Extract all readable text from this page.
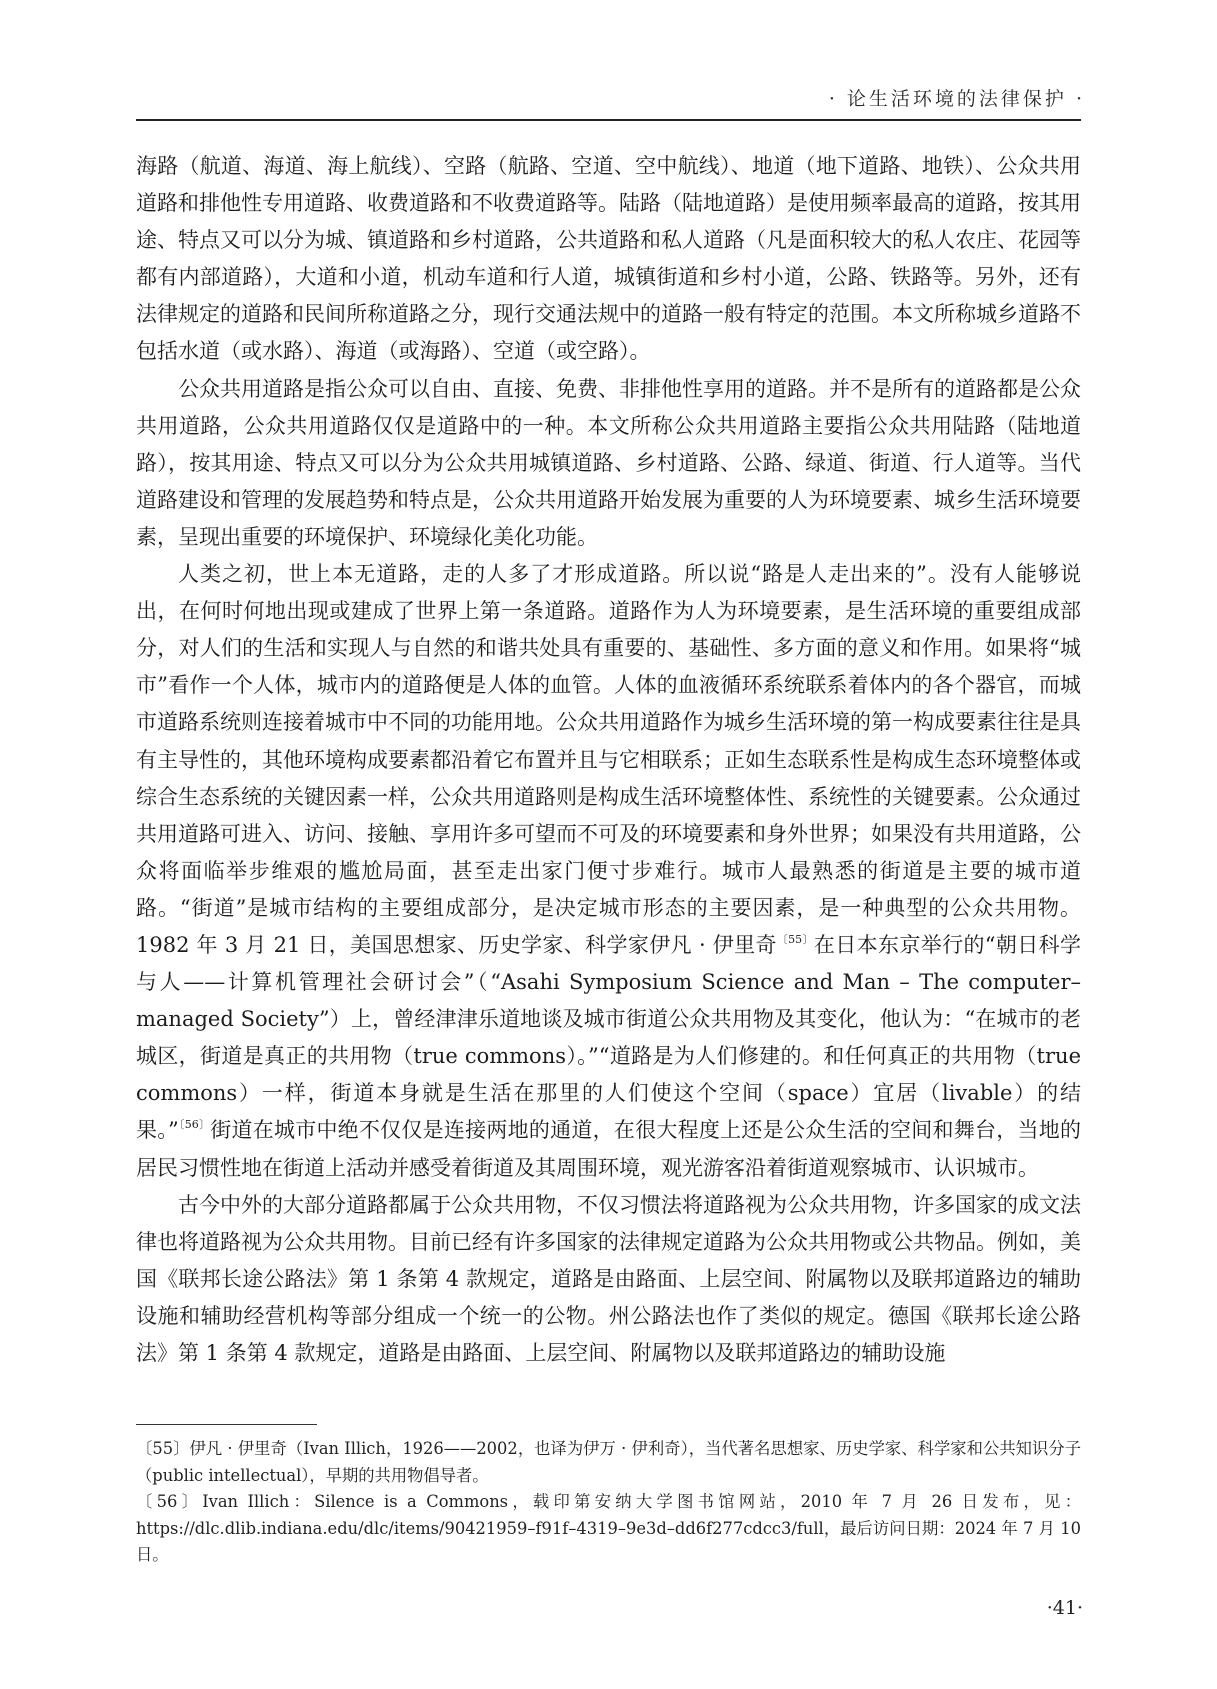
· 论生活环境的法律保护 ·

海路（航道、海道、海上航线）、空路（航路、空道、空中航线）、地道（地下道路、地铁）、公众共用道路和排他性专用道路、收费道路和不收费道路等。陆路（陆地道路）是使用频率最高的道路，按其用途、特点又可以分为城、镇道路和乡村道路，公共道路和私人道路（凡是面积较大的私人农庄、花园等都有内部道路），大道和小道，机动车道和行人道，城镇街道和乡村小道，公路、铁路等。另外，还有法律规定的道路和民间所称道路之分，现行交通法规中的道路一般有特定的范围。本文所称城乡道路不包括水道（或水路）、海道（或海路）、空道（或空路）。

公众共用道路是指公众可以自由、直接、免费、非排他性享用的道路。并不是所有的道路都是公众共用道路，公众共用道路仅仅是道路中的一种。本文所称公众共用道路主要指公众共用陆路（陆地道路），按其用途、特点又可以分为公众共用城镇道路、乡村道路、公路、绿道、街道、行人道等。当代道路建设和管理的发展趋势和特点是，公众共用道路开始发展为重要的人为环境要素、城乡生活环境要素，呈现出重要的环境保护、环境绿化美化功能。

人类之初，世上本无道路，走的人多了才形成道路。所以说“路是人走出来的”。没有人能够说出，在何时何地出现或建成了世界上第一条道路。道路作为人为环境要素，是生活环境的重要组成部分，对人们的生活和实现人与自然的和谐共处具有重要的、基础性、多方面的意义和作用。如果将“城市”看作一个人体，城市内的道路便是人体的血管。人体的血液循环系统联系着体内的各个器官，而城市道路系统则连接着城市中不同的功能用地。公众共用道路作为城乡生活环境的第一构成要素往往是具有主导性的，其他环境构成要素都沿着它布置并且与它相联系；正如生态联系性是构成生态环境整体或综合生态系统的关键因素一样，公众共用道路则是构成生活环境整体性、系统性的关键要素。公众通过共用道路可进入、访问、接触、享用许多可望而不可及的环境要素和身外世界；如果没有共用道路，公众将面临举步维艰的尴尬局面，甚至走出家门便寸步难行。城市人最熟悉的街道是主要的城市道路。“街道”是城市结构的主要组成部分，是决定城市形态的主要因素，是一种典型的公众共用物。1982 年 3 月 21 日，美国思想家、历史学家、科学家伊凡 · 伊里奇$^{〔55〕}$在日本东京举行的“朝日科学与人——计算机管理社会研讨会”（“Asahi Symposium Science and Man – The computer–managed Society”）上，曾经津津乐道地谈及城市街道公众共用物及其变化，他认为：“在城市的老城区，街道是真正的共用物（true commons）。”“道路是为人们修建的。和任何真正的共用物（true commons）一样，街道本身就是生活在那里的人们使这个空间（space）宜居（livable）的结果。”$^{〔56〕}$街道在城市中绝不仅仅是连接两地的通道，在很大程度上还是公众生活的空间和舞台，当地的居民习惯性地在街道上活动并感受着街道及其周围环境，观光游客沿着街道观察城市、认识城市。

古今中外的大部分道路都属于公众共用物，不仅习惯法将道路视为公众共用物，许多国家的成文法律也将道路视为公众共用物。目前已经有许多国家的法律规定道路为公众共用物或公共物品。例如，美国《联邦长途公路法》第 1 条第 4 款规定，道路是由路面、上层空间、附属物以及联邦道路边的辅助设施和辅助经营机构等部分组成一个统一的公物。州公路法也作了类似的规定。德国《联邦长途公路法》第 1 条第 4 款规定，道路是由路面、上层空间、附属物以及联邦道路边的辅助设施

〔55〕伊凡 · 伊里奇（Ivan Illich，1926——2002，也译为伊万 · 伊利奇），当代著名思想家、历史学家、科学家和公共知识分子（public intellectual），早期的共用物倡导者。

〔56〕Ivan Illich：Silence is a Commons，载印第安纳大学图书馆网站，2010 年 7 月 26 日发布，见：https://dlc.dlib.indiana.edu/dlc/items/90421959–f91f–4319–9e3d–dd6f277cdcc3/full，最后访问日期：2024 年 7 月 10 日。

·41·
